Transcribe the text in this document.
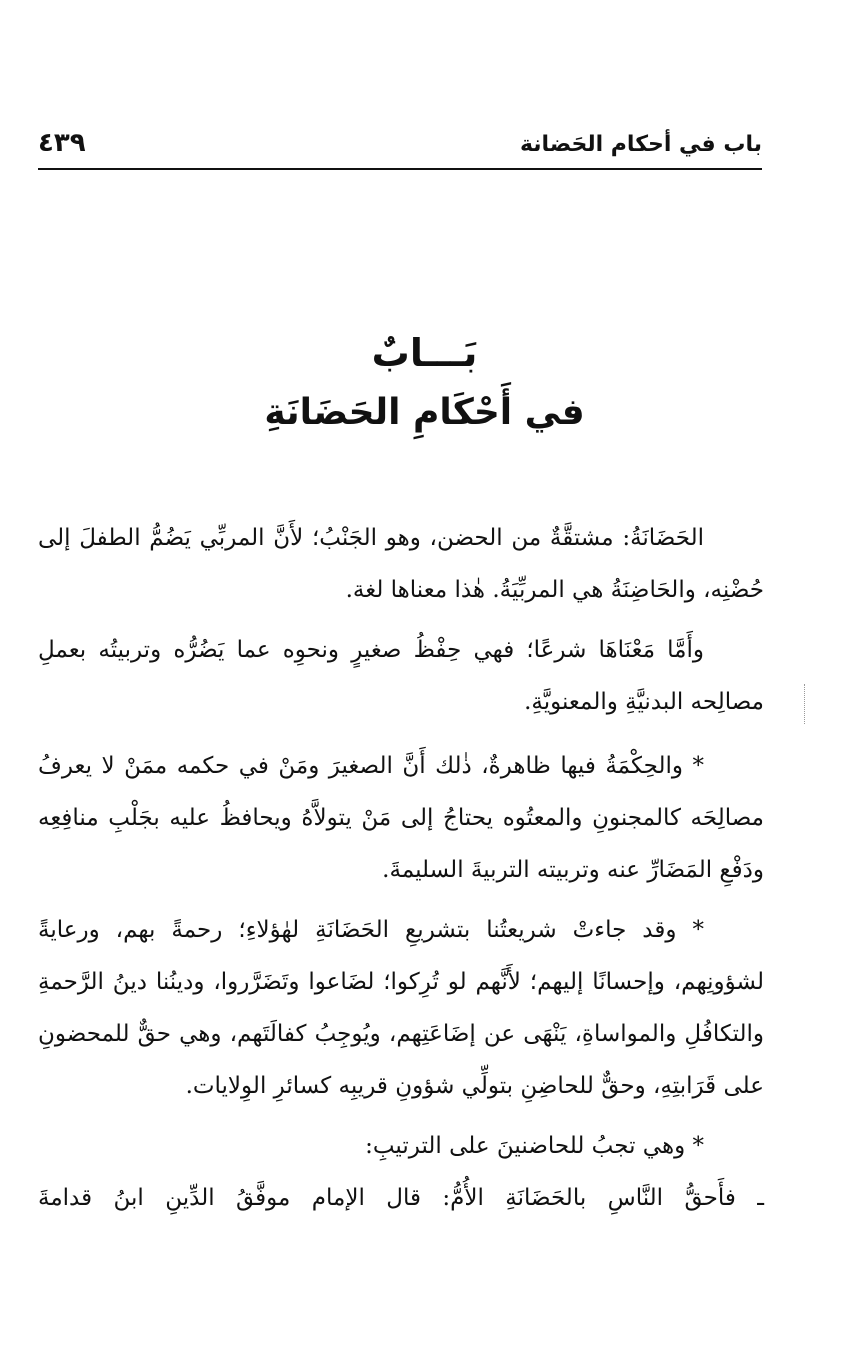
باب في أحكام الحَضانة
٤٣٩
بَـــابٌ
في أَحْكَامِ الحَضَانَةِ

الحَضَانَةُ: مشتقَّةٌ من الحضن، وهو الجَنْبُ؛ لأَنَّ المربِّي يَضُمُّ الطفلَ إلى حُضْنِه، والحَاضِنَةُ هي المربِّيَةُ. هٰذا معناها لغة.

وأَمَّا مَعْنَاهَا شرعًا؛ فهي حِفْظُ صغيرٍ ونحوِه عما يَضُرُّه وتربيتُه بعملِ مصالِحه البدنيَّةِ والمعنويَّةِ.

* والحِكْمَةُ فيها ظاهرةٌ، ذٰلك أَنَّ الصغيرَ ومَنْ في حكمه ممَنْ لا يعرفُ مصالِحَه كالمجنونِ والمعتُوه يحتاجُ إلى مَنْ يتولاَّهُ ويحافظُ عليه بجَلْبِ منافِعِه ودَفْعِ المَضَارِّ عنه وتربيته التربيةَ السليمةَ.

* وقد جاءتْ شريعتُنا بتشريعِ الحَضَانَةِ لهٰؤلاءِ؛ رحمةً بهم، ورعايةً لشؤونِهم، وإحسانًا إليهم؛ لأَنَّهم لو تُرِكوا؛ لضَاعوا وتَضَرَّروا، ودينُنا دينُ الرَّحمةِ والتكافُلِ والمواساةِ، يَنْهَى عن إضَاعَتِهم، ويُوجِبُ كفالَتَهم، وهي حقٌّ للمحضونِ على قَرَابتِهِ، وحقٌّ للحاضِنِ بتولِّي شؤونِ قريبِه كسائرِ الوِلايات.

* وهي تجبُ للحاضنينَ على الترتيبِ:

ـ فأَحقُّ النَّاسِ بالحَضَانَةِ الأُمُّ: قال الإمام موفَّقُ الدِّينِ ابنُ قدامةَ
